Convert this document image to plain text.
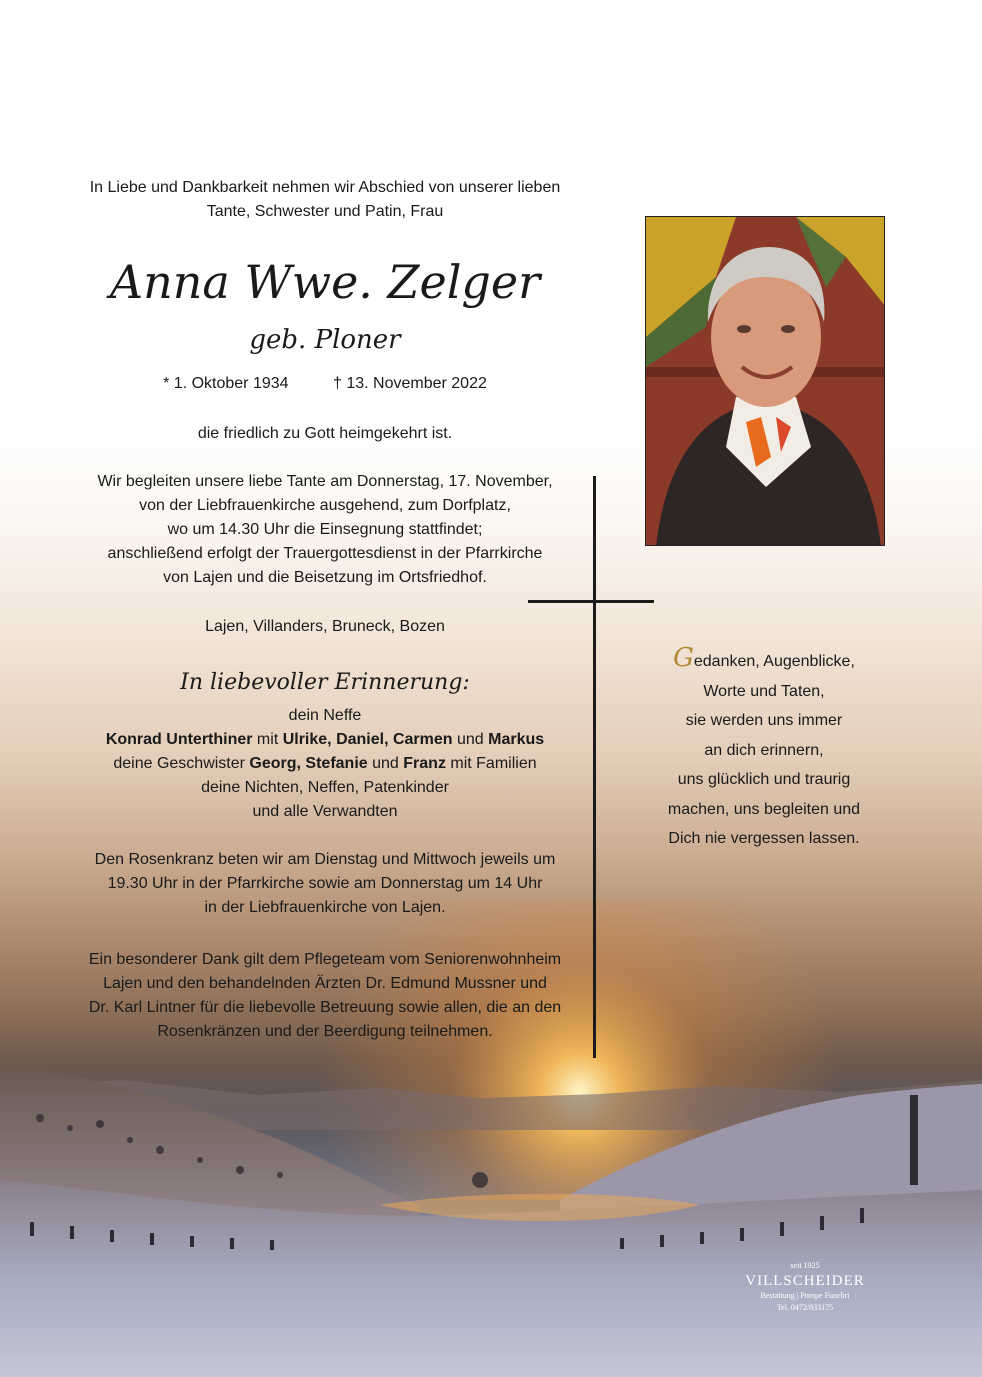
In Liebe und Dankbarkeit nehmen wir Abschied von unserer lieben
Tante, Schwester und Patin, Frau
Anna Wwe. Zelger
geb. Ploner
* 1. Oktober 1934	† 13. November 2022
die friedlich zu Gott heimgekehrt ist.
Wir begleiten unsere liebe Tante am Donnerstag, 17. November,
von der Liebfrauenkirche ausgehend, zum Dorfplatz,
wo um 14.30 Uhr die Einsegnung stattfindet;
anschließend erfolgt der Trauergottesdienst in der Pfarrkirche
von Lajen und die Beisetzung im Ortsfriedhof.
Lajen, Villanders, Bruneck, Bozen
In liebevoller Erinnerung:
dein Neffe
Konrad Unterthiner mit Ulrike, Daniel, Carmen und Markus
deine Geschwister Georg, Stefanie und Franz mit Familien
deine Nichten, Neffen, Patenkinder
und alle Verwandten
Den Rosenkranz beten wir am Dienstag und Mittwoch jeweils um
19.30 Uhr in der Pfarrkirche sowie am Donnerstag um 14 Uhr
in der Liebfrauenkirche von Lajen.
Ein besonderer Dank gilt dem Pflegeteam vom Seniorenwohnheim
Lajen und den behandelnden Ärzten Dr. Edmund Mussner und
Dr. Karl Lintner für die liebevolle Betreuung sowie allen, die an den
Rosenkränzen und der Beerdigung teilnehmen.
Gedanken, Augenblicke,
Worte und Taten,
sie werden uns immer
an dich erinnern,
uns glücklich und traurig
machen, uns begleiten und
Dich nie vergessen lassen.
seit 1925
VILLSCHEIDER
Bestattung | Pompe Funebri
Tel. 0472/833175
